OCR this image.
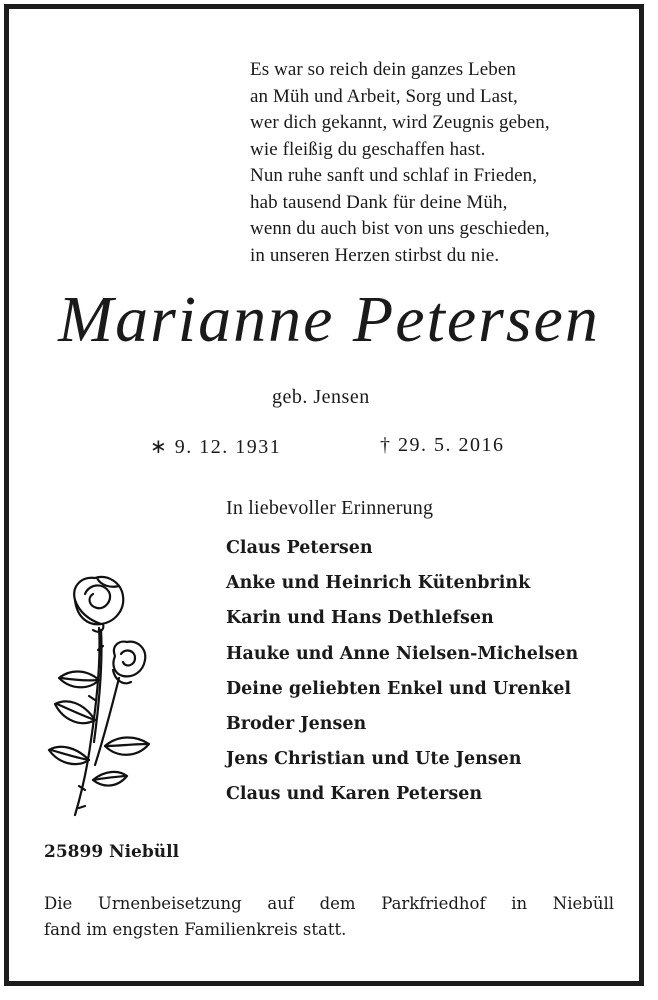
Es war so reich dein ganzes Leben
an Müh und Arbeit, Sorg und Last,
wer dich gekannt, wird Zeugnis geben,
wie fleißig du geschaffen hast.
Nun ruhe sanft und schlaf in Frieden,
hab tausend Dank für deine Müh,
wenn du auch bist von uns geschieden,
in unseren Herzen stirbst du nie.
Marianne Petersen
geb. Jensen
∗ 9. 12. 1931	† 29. 5. 2016
In liebevoller Erinnerung
Claus Petersen
Anke und Heinrich Kütenbrink
Karin und Hans Dethlefsen
Hauke und Anne Nielsen-Michelsen
Deine geliebten Enkel und Urenkel
Broder Jensen
Jens Christian und Ute Jensen
Claus und Karen Petersen
25899 Niebüll
Die Urnenbeisetzung auf dem Parkfriedhof in Niebüll
fand im engsten Familienkreis statt.
